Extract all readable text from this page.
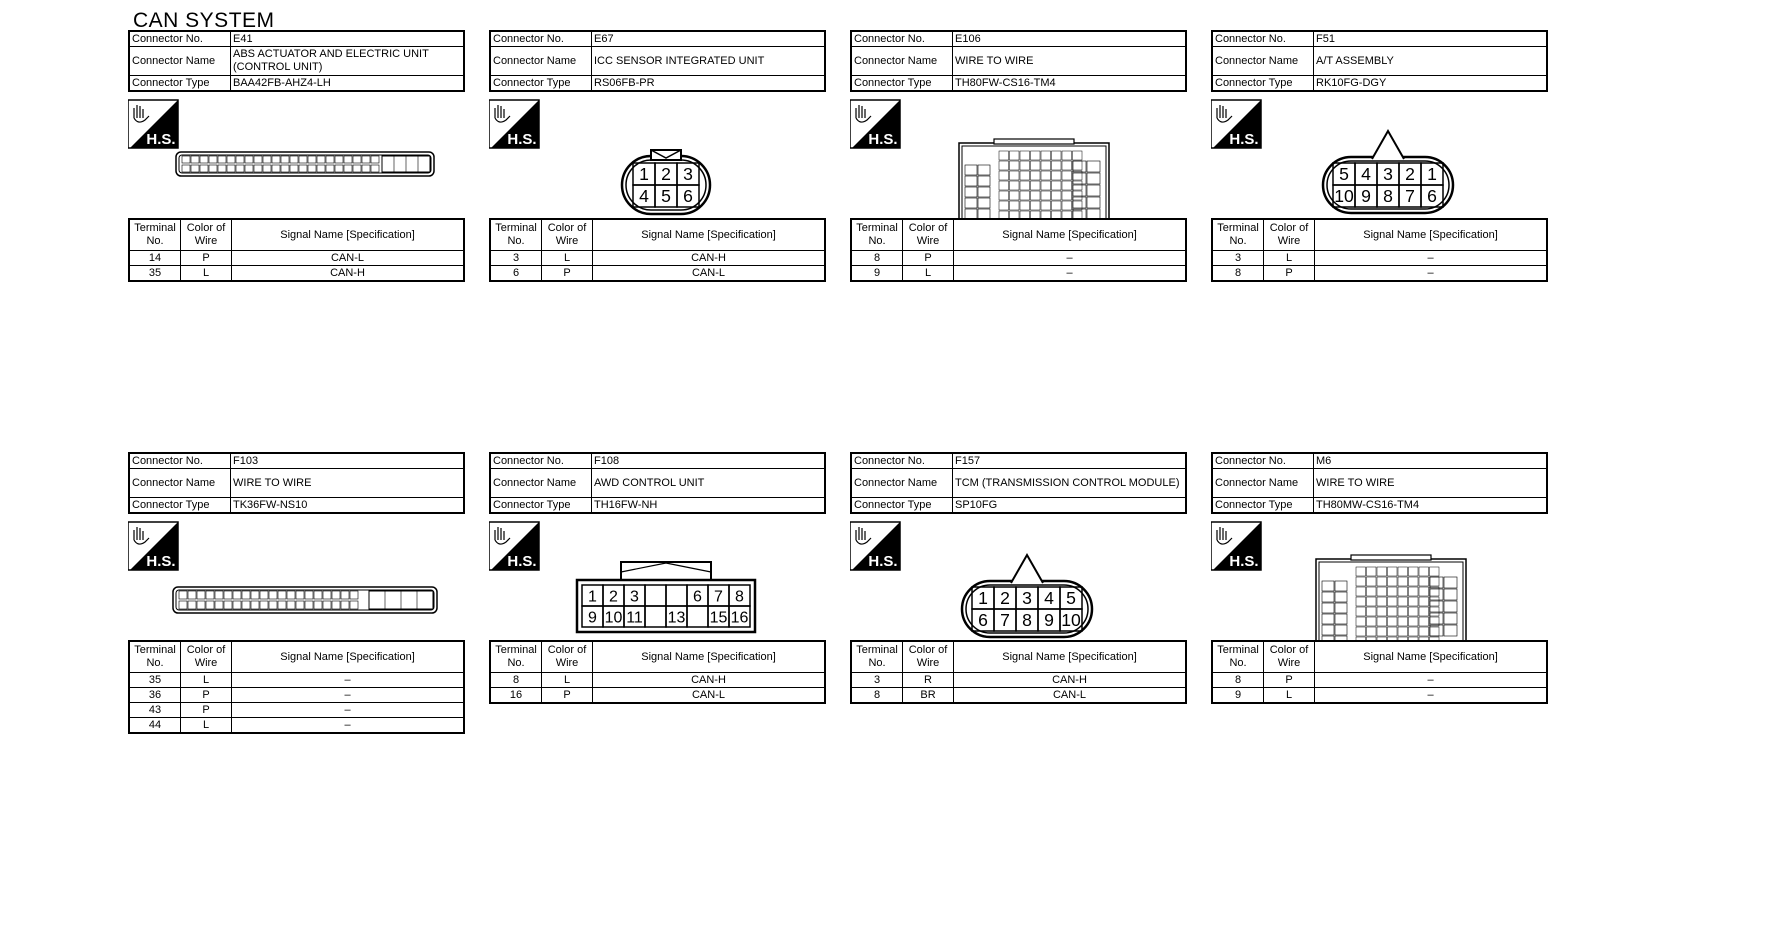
CAN SYSTEM
Connector No.	E41
Connector Name	ABS ACTUATOR AND ELECTRIC UNIT (CONTROL UNIT)
Connector Type	BAA42FB-AHZ4-LH
H.S.
Terminal No.	Color of Wire	Signal Name [Specification]
14	P	CAN-L
35	L	CAN-H
Connector No.	E67
Connector Name	ICC SENSOR INTEGRATED UNIT
Connector Type	RS06FB-PR
H.S.
1 2 3
4 5 6
Terminal No.	Color of Wire	Signal Name [Specification]
3	L	CAN-H
6	P	CAN-L
Connector No.	E106
Connector Name	WIRE TO WIRE
Connector Type	TH80FW-CS16-TM4
H.S.
Terminal No.	Color of Wire	Signal Name [Specification]
8	P	–
9	L	–
Connector No.	F51
Connector Name	A/T ASSEMBLY
Connector Type	RK10FG-DGY
H.S.
5 4 3 2 1
10 9 8 7 6
Terminal No.	Color of Wire	Signal Name [Specification]
3	L	–
8	P	–
Connector No.	F103
Connector Name	WIRE TO WIRE
Connector Type	TK36FW-NS10
H.S.
Terminal No.	Color of Wire	Signal Name [Specification]
35	L	–
36	P	–
43	P	–
44	L	–
Connector No.	F108
Connector Name	AWD CONTROL UNIT
Connector Type	TH16FW-NH
H.S.
1 2 3	6 7 8
9 10 11 13 15 16
Terminal No.	Color of Wire	Signal Name [Specification]
8	L	CAN-H
16	P	CAN-L
Connector No.	F157
Connector Name	TCM (TRANSMISSION CONTROL MODULE)
Connector Type	SP10FG
H.S.
1 2 3 4 5
6 7 8 9 10
Terminal No.	Color of Wire	Signal Name [Specification]
3	R	CAN-H
8	BR	CAN-L
Connector No.	M6
Connector Name	WIRE TO WIRE
Connector Type	TH80MW-CS16-TM4
H.S.
Terminal No.	Color of Wire	Signal Name [Specification]
8	P	–
9	L	–
